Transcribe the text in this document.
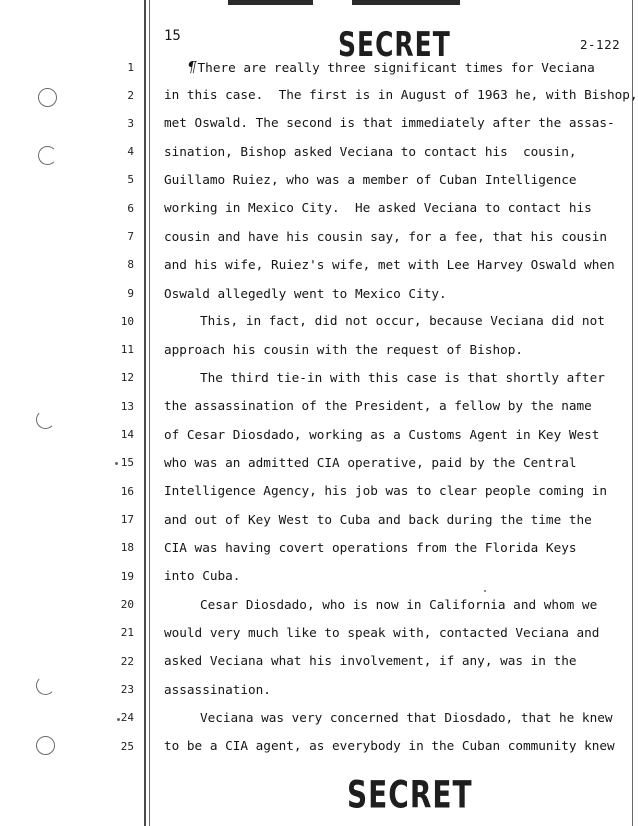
15
2-122
SECRET
SECRET
1	¶There are really three significant times for Veciana
2 in this case.  The first is in August of 1963 he, with Bishop,
3 met Oswald. The second is that immediately after the assas-
4 sination, Bishop asked Veciana to contact his  cousin,
5 Guillamo Ruiez, who was a member of Cuban Intelligence
6 working in Mexico City.  He asked Veciana to contact his
7 cousin and have his cousin say, for a fee, that his cousin
8 and his wife, Ruiez's wife, met with Lee Harvey Oswald when
9 Oswald allegedly went to Mexico City.
10	This, in fact, did not occur, because Veciana did not
11 approach his cousin with the request of Bishop.
12	The third tie-in with this case is that shortly after
13 the assassination of the President, a fellow by the name
14 of Cesar Diosdado, working as a Customs Agent in Key West
15 who was an admitted CIA operative, paid by the Central
16 Intelligence Agency, his job was to clear people coming in
17 and out of Key West to Cuba and back during the time the
18 CIA was having covert operations from the Florida Keys
19 into Cuba.
20	Cesar Diosdado, who is now in California and whom we
21 would very much like to speak with, contacted Veciana and
22 asked Veciana what his involvement, if any, was in the
23 assassination.
24	Veciana was very concerned that Diosdado, that he knew
25 to be a CIA agent, as everybody in the Cuban community knew
